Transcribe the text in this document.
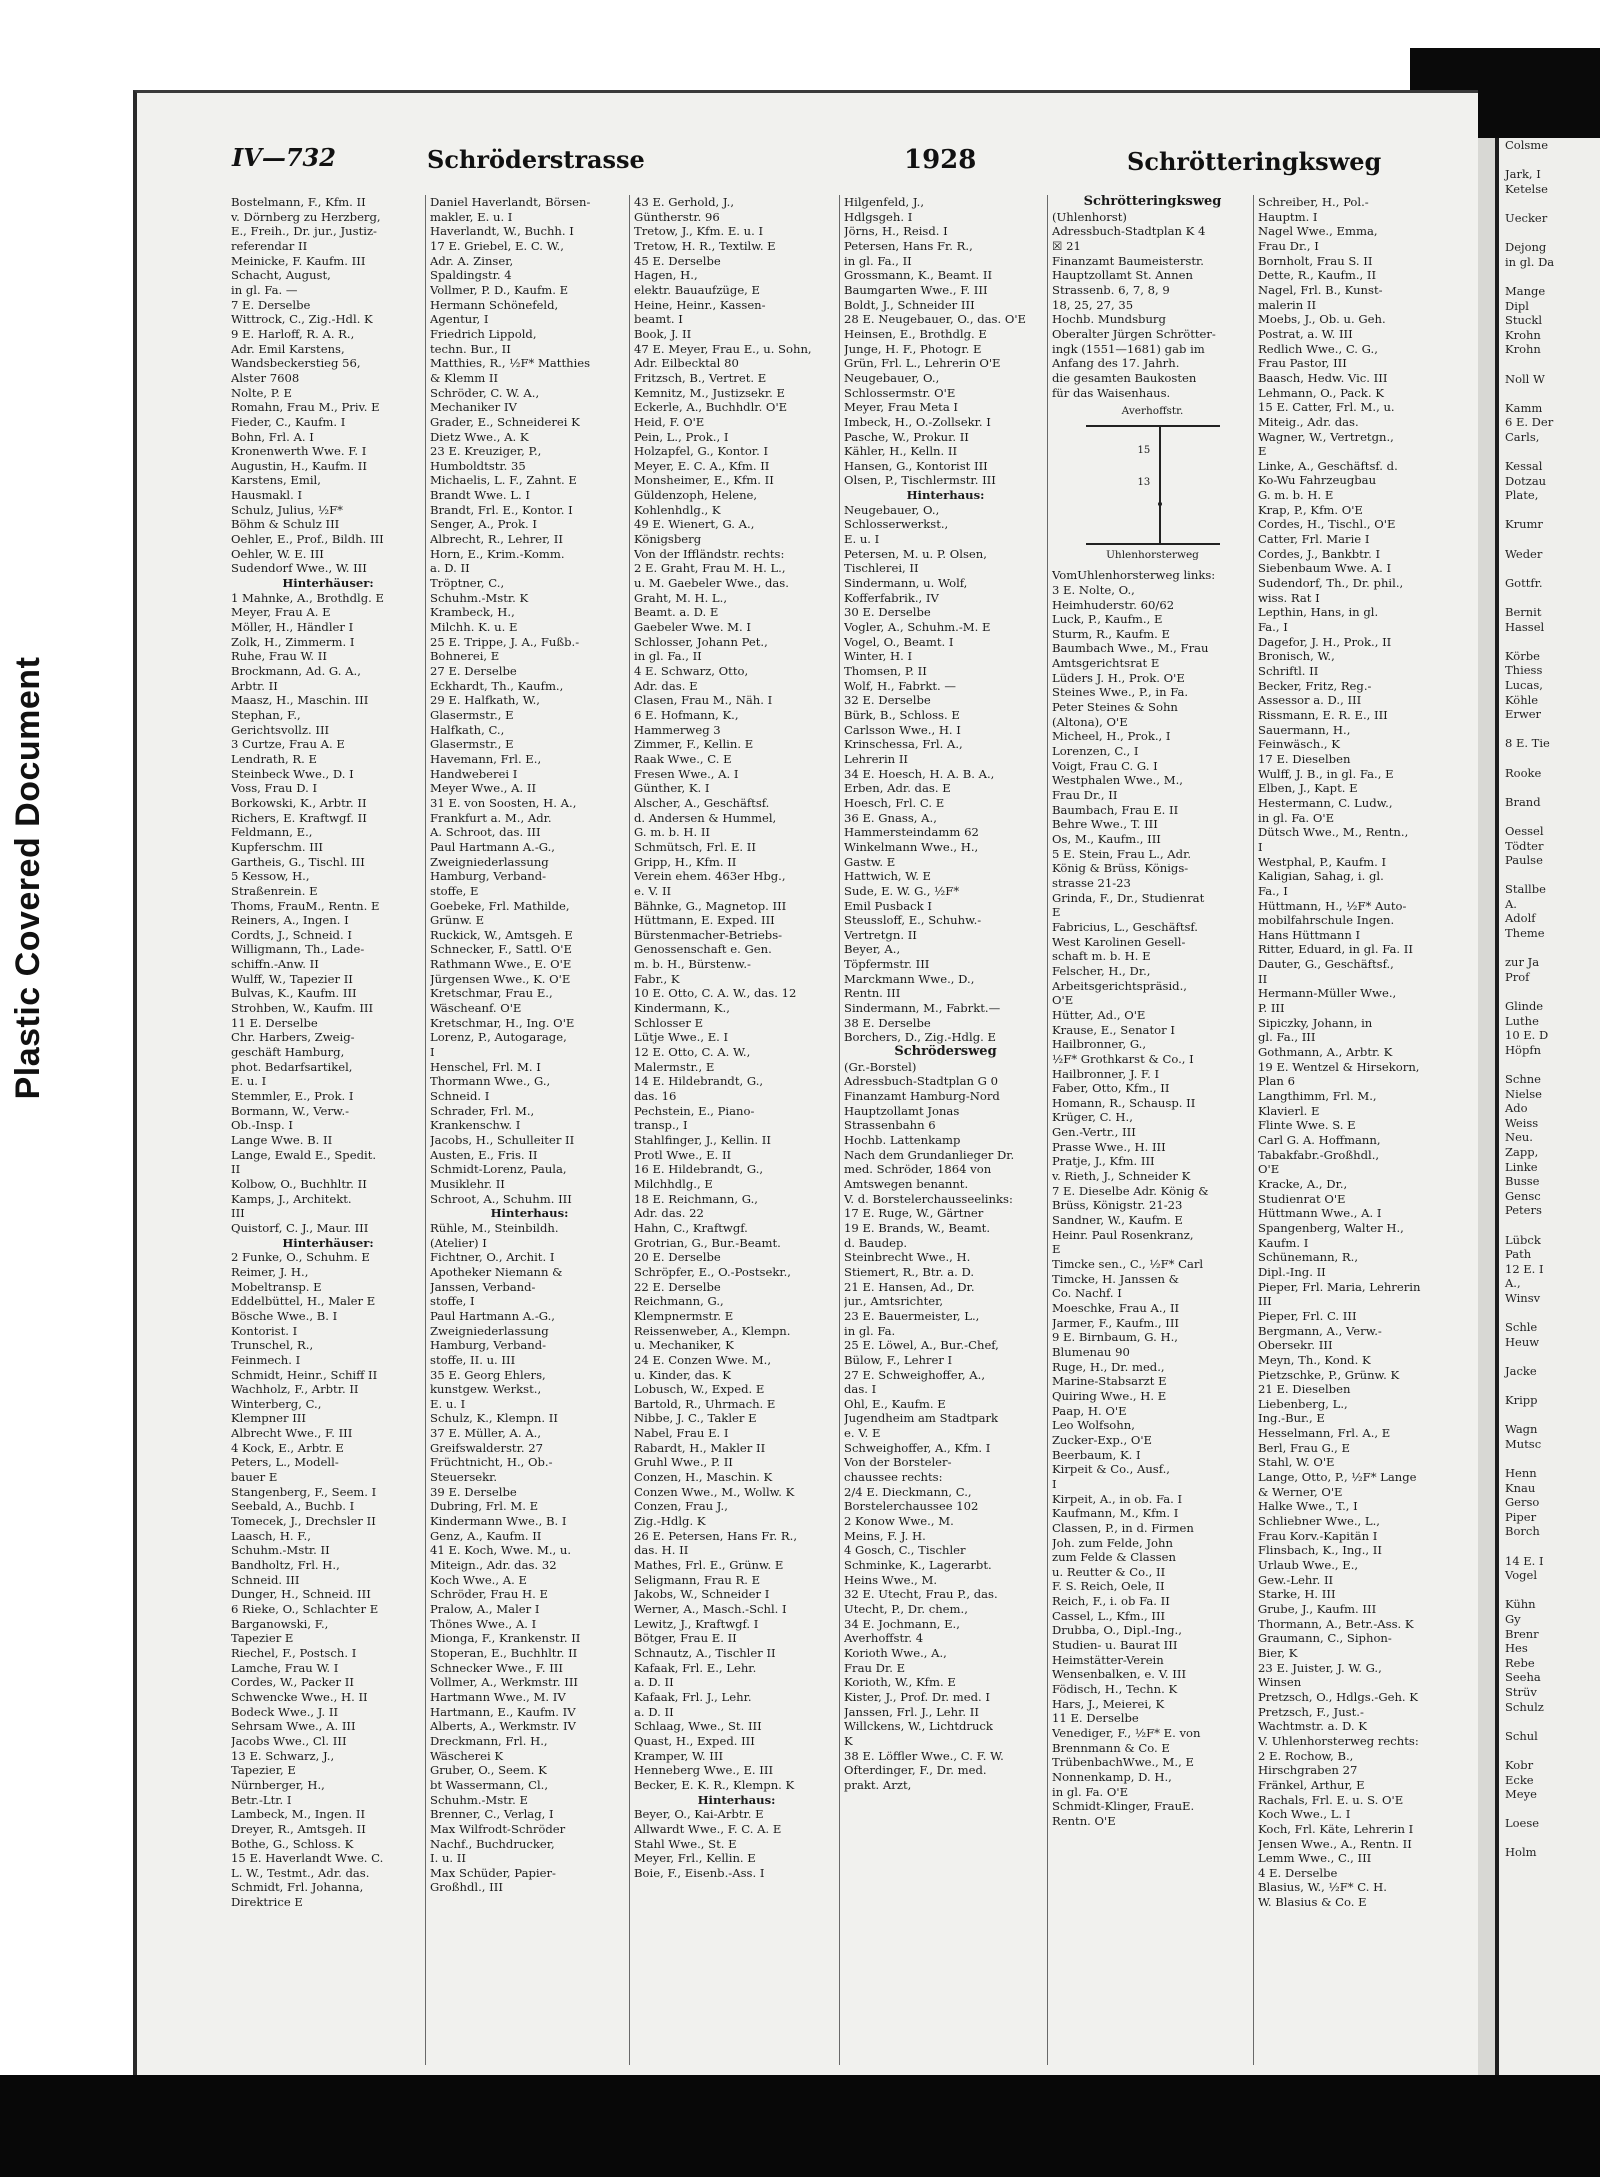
IV—732	Schröderstrasse	1928	Schrötteringksweg
Bostelmann, F., Kfm. II
v. Dörnberg zu Herzberg,
E., Freih., Dr. jur., Justiz-
referendar II
Meinicke, F. Kaufm. III
Schacht, August,
in gl. Fa. —
7 E. Derselbe
Wittrock, C., Zig.-Hdl. K
9 E. Harloff, R. A. R.,
Adr. Emil Karstens,
Wandsbeckerstieg 56,
Alster 7608
Nolte, P. E
Romahn, Frau M., Priv. E
Fieder, C., Kaufm. I
Bohn, Frl. A. I
Kronenwerth Wwe. F. I
Augustin, H., Kaufm. II
Karstens, Emil,
Hausmakl. I
Schulz, Julius, ½F*
Böhm & Schulz III
Oehler, E., Prof., Bildh. III
Oehler, W. E. III
Sudendorf Wwe., W. III
Hinterhäuser:
1 Mahnke, A., Brothdlg. E
Meyer, Frau A. E
Möller, H., Händler I
Zolk, H., Zimmerm. I
Ruhe, Frau W. II
Brockmann, Ad. G. A.,
Arbtr. II
Maasz, H., Maschin. III
Stephan, F.,
Gerichtsvollz. III
3 Curtze, Frau A. E
Lendrath, R. E
Steinbeck Wwe., D. I
Voss, Frau D. I
Borkowski, K., Arbtr. II
Richers, E. Kraftwgf. II
Feldmann, E.,
Kupferschm. III
Gartheis, G., Tischl. III
5 Kessow, H.,
Straßenrein. E
Thoms, FrauM., Rentn. E
Reiners, A., Ingen. I
Cordts, J., Schneid. I
Willigmann, Th., Lade-
schiffn.-Anw. II
Wulff, W., Tapezier II
Bulvas, K., Kaufm. III
Strohben, W., Kaufm. III
11 E. Derselbe
Chr. Harbers, Zweig-
geschäft Hamburg,
phot. Bedarfsartikel,
E. u. I
Stemmler, E., Prok. I
Bormann, W., Verw.-
Ob.-Insp. I
Lange Wwe. B. II
Lange, Ewald E., Spedit.
II
Kolbow, O., Buchhltr. II
Kamps, J., Architekt.
III
Quistorf, C. J., Maur. III
Hinterhäuser:
2 Funke, O., Schuhm. E
Reimer, J. H.,
Mobeltransp. E
Eddelbüttel, H., Maler E
Bösche Wwe., B. I
Kontorist. I
Trunschel, R.,
Feinmech. I
Schmidt, Heinr., Schiff II
Wachholz, F., Arbtr. II
Winterberg, C.,
Klempner III
Albrecht Wwe., F. III
4 Kock, E., Arbtr. E
Peters, L., Modell-
bauer E
Stangenberg, F., Seem. I
Seebald, A., Buchb. I
Tomecek, J., Drechsler II
Laasch, H. F.,
Schuhm.-Mstr. II
Bandholtz, Frl. H.,
Schneid. III
Dunger, H., Schneid. III
6 Rieke, O., Schlachter E
Barganowski, F.,
Tapezier E
Riechel, F., Postsch. I
Lamche, Frau W. I
Cordes, W., Packer II
Schwencke Wwe., H. II
Bodeck Wwe., J. II
Sehrsam Wwe., A. III
Jacobs Wwe., Cl. III
13 E. Schwarz, J.,
Tapezier, E
Nürnberger, H.,
Betr.-Ltr. I
Lambeck, M., Ingen. II
Dreyer, R., Amtsgeh. II
Bothe, G., Schloss. K
15 E. Haverlandt Wwe. C.
L. W., Testmt., Adr. das.
Schmidt, Frl. Johanna,
Direktrice E
Daniel Haverlandt, Börsen-
makler, E. u. I
Haverlandt, W., Buchh. I
17 E. Griebel, E. C. W.,
Adr. A. Zinser,
Spaldingstr. 4
Vollmer, P. D., Kaufm. E
Hermann Schönefeld,
Agentur, I
Friedrich Lippold,
techn. Bur., II
Matthies, R., ½F* Matthies
& Klemm II
Schröder, C. W. A.,
Mechaniker IV
Grader, E., Schneiderei K
Dietz Wwe., A. K
23 E. Kreuziger, P.,
Humboldtstr. 35
Michaelis, L. F., Zahnt. E
Brandt Wwe. L. I
Brandt, Frl. E., Kontor. I
Senger, A., Prok. I
Albrecht, R., Lehrer, II
Horn, E., Krim.-Komm.
a. D. II
Tröptner, C.,
Schuhm.-Mstr. K
Krambeck, H.,
Milchh. K. u. E
25 E. Trippe, J. A., Fußb.-
Bohnerei, E
27 E. Derselbe
Eckhardt, Th., Kaufm.,
29 E. Halfkath, W.,
Glasermstr., E
Halfkath, C.,
Glasermstr., E
Havemann, Frl. E.,
Handweberei I
Meyer Wwe., A. II
31 E. von Soosten, H. A.,
Frankfurt a. M., Adr.
A. Schroot, das. III
Paul Hartmann A.-G.,
Zweigniederlassung
Hamburg, Verband-
stoffe, E
Goebeke, Frl. Mathilde,
Grünw. E
Ruckick, W., Amtsgeh. E
Schnecker, F., Sattl. O'E
Rathmann Wwe., E. O'E
Jürgensen Wwe., K. O'E
Kretschmar, Frau E.,
Wäscheanf. O'E
Kretschmar, H., Ing. O'E
Lorenz, P., Autogarage,
I
Henschel, Frl. M. I
Thormann Wwe., G.,
Schneid. I
Schrader, Frl. M.,
Krankenschw. I
Jacobs, H., Schulleiter II
Austen, E., Fris. II
Schmidt-Lorenz, Paula,
Musiklehr. II
Schroot, A., Schuhm. III
Hinterhaus:
Rühle, M., Steinbildh.
(Atelier) I
Fichtner, O., Archit. I
Apotheker Niemann &
Janssen, Verband-
stoffe, I
Paul Hartmann A.-G.,
Zweigniederlassung
Hamburg, Verband-
stoffe, II. u. III
35 E. Georg Ehlers,
kunstgew. Werkst.,
E. u. I
Schulz, K., Klempn. II
37 E. Müller, A. A.,
Greifswalderstr. 27
Früchtnicht, H., Ob.-
Steuersekr.
39 E. Derselbe
Dubring, Frl. M. E
Kindermann Wwe., B. I
Genz, A., Kaufm. II
41 E. Koch, Wwe. M., u.
Miteign., Adr. das. 32
Koch Wwe., A. E
Schröder, Frau H. E
Pralow, A., Maler I
Thönes Wwe., A. I
Mionga, F., Krankenstr. II
Stoperan, E., Buchhltr. II
Schnecker Wwe., F. III
Vollmer, A., Werkmstr. III
Hartmann Wwe., M. IV
Hartmann, E., Kaufm. IV
Alberts, A., Werkmstr. IV
Dreckmann, Frl. H.,
Wäscherei K
Gruber, O., Seem. K
bt Wassermann, Cl.,
Schuhm.-Mstr. E
Brenner, C., Verlag, I
Max Wilfrodt-Schröder
Nachf., Buchdrucker,
I. u. II
Max Schüder, Papier-
Großhdl., III
43 E. Gerhold, J.,
Güntherstr. 96
Tretow, J., Kfm. E. u. I
Tretow, H. R., Textilw. E
45 E. Derselbe
Hagen, H.,
elektr. Bauaufzüge, E
Heine, Heinr., Kassen-
beamt. I
Book, J. II
47 E. Meyer, Frau E., u. Sohn,
Adr. Eilbecktal 80
Fritzsch, B., Vertret. E
Kemnitz, M., Justizsekr. E
Eckerle, A., Buchhdlr. O'E
Heid, F. O'E
Pein, L., Prok., I
Holzapfel, G., Kontor. I
Meyer, E. C. A., Kfm. II
Monsheimer, E., Kfm. II
Güldenzoph, Helene,
Kohlenhdlg., K
49 E. Wienert, G. A.,
Königsberg
Von der Iffländstr. rechts:
2 E. Graht, Frau M. H. L.,
u. M. Gaebeler Wwe., das.
Graht, M. H. L.,
Beamt. a. D. E
Gaebeler Wwe. M. I
Schlosser, Johann Pet.,
in gl. Fa., II
4 E. Schwarz, Otto,
Adr. das. E
Clasen, Frau M., Näh. I
6 E. Hofmann, K.,
Hammerweg 3
Zimmer, F., Kellin. E
Raak Wwe., C. E
Fresen Wwe., A. I
Günther, K. I
Alscher, A., Geschäftsf.
d. Andersen & Hummel,
G. m. b. H. II
Schmütsch, Frl. E. II
Gripp, H., Kfm. II
Verein ehem. 463er Hbg.,
e. V. II
Bähnke, G., Magnetop. III
Hüttmann, E. Exped. III
Bürstenmacher-Betriebs-
Genossenschaft e. Gen.
m. b. H., Bürstenw.-
Fabr., K
10 E. Otto, C. A. W., das. 12
Kindermann, K.,
Schlosser E
Lütje Wwe., E. I
12 E. Otto, C. A. W.,
Malermstr., E
14 E. Hildebrandt, G.,
das. 16
Pechstein, E., Piano-
transp., I
Stahlfinger, J., Kellin. II
Protl Wwe., E. II
16 E. Hildebrandt, G.,
Milchhdlg., E
18 E. Reichmann, G.,
Adr. das. 22
Hahn, C., Kraftwgf.
Grotrian, G., Bur.-Beamt.
20 E. Derselbe
Schröpfer, E., O.-Postsekr.,
22 E. Derselbe
Reichmann, G.,
Klempnermstr. E
Reissenweber, A., Klempn.
u. Mechaniker, K
24 E. Conzen Wwe. M.,
u. Kinder, das. K
Lobusch, W., Exped. E
Bartold, R., Uhrmach. E
Nibbe, J. C., Takler E
Nabel, Frau E. I
Rabardt, H., Makler II
Gruhl Wwe., P. II
Conzen, H., Maschin. K
Conzen Wwe., M., Wollw. K
Conzen, Frau J.,
Zig.-Hdlg. K
26 E. Petersen, Hans Fr. R.,
das. H. II
Mathes, Frl. E., Grünw. E
Seligmann, Frau R. E
Jakobs, W., Schneider I
Werner, A., Masch.-Schl. I
Lewitz, J., Kraftwgf. I
Bötger, Frau E. II
Schnautz, A., Tischler II
Kafaak, Frl. E., Lehr.
a. D. II
Kafaak, Frl. J., Lehr.
a. D. II
Schlaag, Wwe., St. III
Quast, H., Exped. III
Kramper, W. III
Henneberg Wwe., E. III
Becker, E. K. R., Klempn. K
Hinterhaus:
Beyer, O., Kai-Arbtr. E
Allwardt Wwe., F. C. A. E
Stahl Wwe., St. E
Meyer, Frl., Kellin. E
Boie, F., Eisenb.-Ass. I
Hilgenfeld, J.,
Hdlgsgeh. I
Jörns, H., Reisd. I
Petersen, Hans Fr. R.,
in gl. Fa., II
Grossmann, K., Beamt. II
Baumgarten Wwe., F. III
Boldt, J., Schneider III
28 E. Neugebauer, O., das. O'E
Heinsen, E., Brothdlg. E
Junge, H. F., Photogr. E
Grün, Frl. L., Lehrerin O'E
Neugebauer, O.,
Schlossermstr. O'E
Meyer, Frau Meta I
Imbeck, H., O.-Zollsekr. I
Pasche, W., Prokur. II
Kähler, H., Kelln. II
Hansen, G., Kontorist III
Olsen, P., Tischlermstr. III
Hinterhaus:
Neugebauer, O.,
Schlosserwerkst.,
E. u. I
Petersen, M. u. P. Olsen,
Tischlerei, II
Sindermann, u. Wolf,
Kofferfabrik., IV
30 E. Derselbe
Vogler, A., Schuhm.-M. E
Vogel, O., Beamt. I
Winter, H. I
Thomsen, P. II
Wolf, H., Fabrkt. —
32 E. Derselbe
Bürk, B., Schloss. E
Carlsson Wwe., H. I
Krinschessa, Frl. A.,
Lehrerin II
34 E. Hoesch, H. A. B. A.,
Erben, Adr. das. E
Hoesch, Frl. C. E
36 E. Gnass, A.,
Hammersteindamm 62
Winkelmann Wwe., H.,
Gastw. E
Hattwich, W. E
Sude, E. W. G., ½F*
Emil Pusback I
Steussloff, E., Schuhw.-
Vertretgn. II
Beyer, A.,
Töpfermstr. III
Marckmann Wwe., D.,
Rentn. III
Sindermann, M., Fabrkt.—
38 E. Derselbe
Borchers, D., Zig.-Hdlg. E
Schrödersweg
(Gr.-Borstel)
Adressbuch-Stadtplan G 0
Finanzamt Hamburg-Nord
Hauptzollamt Jonas
Strassenbahn 6
Hochb. Lattenkamp
Nach dem Grundanlieger Dr.
med. Schröder, 1864 von
Amtswegen benannt.
V. d. Borstelerchausseelinks:
17 E. Ruge, W., Gärtner
19 E. Brands, W., Beamt.
d. Baudep.
Steinbrecht Wwe., H.
Stiemert, R., Btr. a. D.
21 E. Hansen, Ad., Dr.
jur., Amtsrichter,
23 E. Bauermeister, L.,
in gl. Fa.
25 E. Löwel, A., Bur.-Chef,
Bülow, F., Lehrer I
27 E. Schweighoffer, A.,
das. I
Ohl, E., Kaufm. E
Jugendheim am Stadtpark
e. V. E
Schweighoffer, A., Kfm. I
Von der Borsteler-
chaussee rechts:
2/4 E. Dieckmann, C.,
Borstelerchaussee 102
2 Konow Wwe., M.
Meins, F. J. H.
4 Gosch, C., Tischler
Schminke, K., Lagerarbt.
Heins Wwe., M.
32 E. Utecht, Frau P., das.
Utecht, P., Dr. chem.,
34 E. Jochmann, E.,
Averhoffstr. 4
Korioth Wwe., A.,
Frau Dr. E
Korioth, W., Kfm. E
Kister, J., Prof. Dr. med. I
Janssen, Frl. J., Lehr. II
Willckens, W., Lichtdruck
K
38 E. Löffler Wwe., C. F. W.
Ofterdinger, F., Dr. med.
prakt. Arzt,
Schrötteringksweg
(Uhlenhorst)
Adressbuch-Stadtplan K 4
☒ 21
Finanzamt Baumeisterstr.
Hauptzollamt St. Annen
Strassenb. 6, 7, 8, 9
18, 25, 27, 35
Hochb. Mundsburg
Oberalter Jürgen Schrötter-
ingk (1551—1681) gab im
Anfang des 17. Jahrh.
die gesamten Baukosten
für das Waisenhaus.
Averhoffstr.
15
13
Uhlenhorsterweg
VomUhlenhorsterweg links:
3 E. Nolte, O.,
Heimhuderstr. 60/62
Luck, P., Kaufm., E
Sturm, R., Kaufm. E
Baumbach Wwe., M., Frau
Amtsgerichtsrat E
Lüders J. H., Prok. O'E
Steines Wwe., P., in Fa.
Peter Steines & Sohn
(Altona), O'E
Micheel, H., Prok., I
Lorenzen, C., I
Voigt, Frau C. G. I
Westphalen Wwe., M.,
Frau Dr., II
Baumbach, Frau E. II
Behre Wwe., T. III
Os, M., Kaufm., III
5 E. Stein, Frau L., Adr.
König & Brüss, Königs-
strasse 21-23
Grinda, F., Dr., Studienrat
E
Fabricius, L., Geschäftsf.
West Karolinen Gesell-
schaft m. b. H. E
Felscher, H., Dr.,
Arbeitsgerichtspräsid.,
O'E
Hütter, Ad., O'E
Krause, E., Senator I
Hailbronner, G.,
½F* Grothkarst & Co., I
Hailbronner, J. F. I
Faber, Otto, Kfm., II
Homann, R., Schausp. II
Krüger, C. H.,
Gen.-Vertr., III
Prasse Wwe., H. III
Pratje, J., Kfm. III
v. Rieth, J., Schneider K
7 E. Dieselbe Adr. König &
Brüss, Königstr. 21-23
Sandner, W., Kaufm. E
Heinr. Paul Rosenkranz,
E
Timcke sen., C., ½F* Carl
Timcke, H. Janssen &
Co. Nachf. I
Moeschke, Frau A., II
Jarmer, F., Kaufm., III
9 E. Birnbaum, G. H.,
Blumenau 90
Ruge, H., Dr. med.,
Marine-Stabsarzt E
Quiring Wwe., H. E
Paap, H. O'E
Leo Wolfsohn,
Zucker-Exp., O'E
Beerbaum, K. I
Kirpeit & Co., Ausf.,
I
Kirpeit, A., in ob. Fa. I
Kaufmann, M., Kfm. I
Classen, P., in d. Firmen
Joh. zum Felde, John
zum Felde & Classen
u. Reutter & Co., II
F. S. Reich, Oele, II
Reich, F., i. ob Fa. II
Cassel, L., Kfm., III
Drubba, O., Dipl.-Ing.,
Studien- u. Baurat III
Heimstätter-Verein
Wensenbalken, e. V. III
Födisch, H., Techn. K
Hars, J., Meierei, K
11 E. Derselbe
Venediger, F., ½F* E. von
Brennmann & Co. E
TrübenbachWwe., M., E
Nonnenkamp, D. H.,
in gl. Fa. O'E
Schmidt-Klinger, FrauE.
Rentn. O'E
Schreiber, H., Pol.-
Hauptm. I
Nagel Wwe., Emma,
Frau Dr., I
Bornholt, Frau S. II
Dette, R., Kaufm., II
Nagel, Frl. B., Kunst-
malerin II
Moebs, J., Ob. u. Geh.
Postrat, a. W. III
Redlich Wwe., C. G.,
Frau Pastor, III
Baasch, Hedw. Vic. III
Lehmann, O., Pack. K
15 E. Catter, Frl. M., u.
Miteig., Adr. das.
Wagner, W., Vertretgn.,
E
Linke, A., Geschäftsf. d.
Ko-Wu Fahrzeugbau
G. m. b. H. E
Krap, P., Kfm. O'E
Cordes, H., Tischl., O'E
Catter, Frl. Marie I
Cordes, J., Bankbtr. I
Siebenbaum Wwe. A. I
Sudendorf, Th., Dr. phil.,
wiss. Rat I
Lepthin, Hans, in gl.
Fa., I
Dagefor, J. H., Prok., II
Bronisch, W.,
Schriftl. II
Becker, Fritz, Reg.-
Assessor a. D., III
Rissmann, E. R. E., III
Sauermann, H.,
Feinwäsch., K
17 E. Dieselben
Wulff, J. B., in gl. Fa., E
Elben, J., Kapt. E
Hestermann, C. Ludw.,
in gl. Fa. O'E
Dütsch Wwe., M., Rentn.,
I
Westphal, P., Kaufm. I
Kaligian, Sahag, i. gl.
Fa., I
Hüttmann, H., ½F* Auto-
mobilfahrschule Ingen.
Hans Hüttmann I
Ritter, Eduard, in gl. Fa. II
Dauter, G., Geschäftsf.,
II
Hermann-Müller Wwe.,
P. III
Sipiczky, Johann, in
gl. Fa., III
Gothmann, A., Arbtr. K
19 E. Wentzel & Hirsekorn,
Plan 6
Langthimm, Frl. M.,
Klavierl. E
Flinte Wwe. S. E
Carl G. A. Hoffmann,
Tabakfabr.-Großhdl.,
O'E
Kracke, A., Dr.,
Studienrat O'E
Hüttmann Wwe., A. I
Spangenberg, Walter H.,
Kaufm. I
Schünemann, R.,
Dipl.-Ing. II
Pieper, Frl. Maria, Lehrerin
III
Pieper, Frl. C. III
Bergmann, A., Verw.-
Obersekr. III
Meyn, Th., Kond. K
Pietzschke, P., Grünw. K
21 E. Dieselben
Liebenberg, L.,
Ing.-Bur., E
Hesselmann, Frl. A., E
Berl, Frau G., E
Stahl, W. O'E
Lange, Otto, P., ½F* Lange
& Werner, O'E
Halke Wwe., T., I
Schliebner Wwe., L.,
Frau Korv.-Kapitän I
Flinsbach, K., Ing., II
Urlaub Wwe., E.,
Gew.-Lehr. II
Starke, H. III
Grube, J., Kaufm. III
Thormann, A., Betr.-Ass. K
Graumann, C., Siphon-
Bier, K
23 E. Juister, J. W. G.,
Winsen
Pretzsch, O., Hdlgs.-Geh. K
Pretzsch, F., Just.-
Wachtmstr. a. D. K
V. Uhlenhorsterweg rechts:
2 E. Rochow, B.,
Hirschgraben 27
Fränkel, Arthur, E
Rachals, Frl. E. u. S. O'E
Koch Wwe., L. I
Koch, Frl. Käte, Lehrerin I
Jensen Wwe., A., Rentn. II
Lemm Wwe., C., III
4 E. Derselbe
Blasius, W., ½F* C. H.
W. Blasius & Co. E
Colsme

Jark, I
Ketelse

Uecker

Dejong
in gl. Da

Mange
Dipl
Stuckl
Krohn
Krohn

Noll W

Kamm
6 E. Der
Carls,

Kessal
Dotzau
Plate,

Krumr

Weder

Gottfr.

Bernit
Hassel

Körbe
Thiess
Lucas,
Köhle
Erwer

8 E. Tie

Rooke

Brand

Oessel
Tödter
Paulse

Stallbe
A.
Adolf
Theme

zur Ja
Prof

Glinde
Luthe
10 E. D
Höpfn

Schne
Nielse
Ado
Weiss
Neu.
Zapp,
Linke
Busse
Gensc
Peters

Lübck
Path
12 E. I
A.,
Winsv

Schle
Heuw

Jacke

Kripp

Wagn
Mutsc

Henn
Knau
Gerso
Piper
Borch

14 E. I
Vogel

Kühn
Gy
Brenr
Hes
Rebe
Seeha
Strüv
Schulz

Schul

Kobr
Ecke
Meye

Loese

Holm
Plastic Covered Document
